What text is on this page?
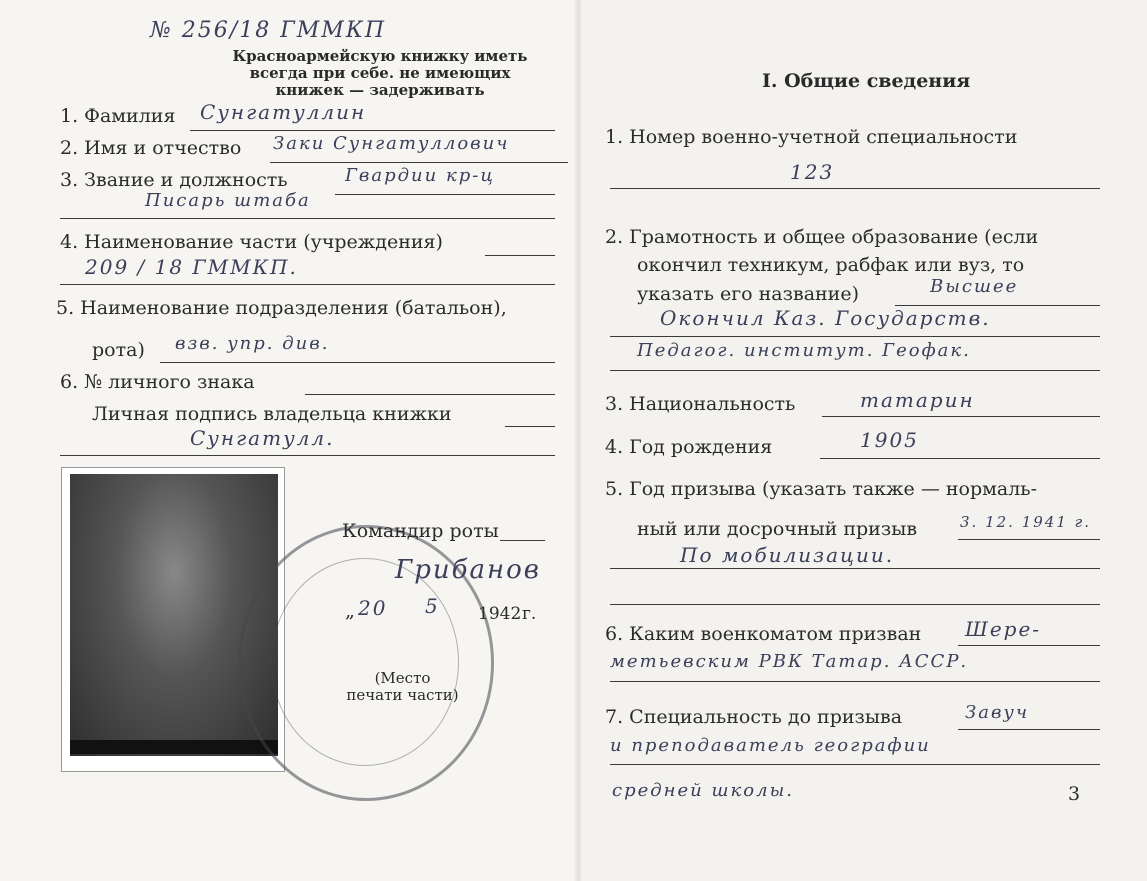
№ 256/18 ГММКП
Красноармейскую книжку иметь
всегда при себе. не имеющих
книжек — задерживать
1. Фамилия Сунгатуллин
2. Имя и отчество Заки Сунгатуллович
3. Звание и должность	Гвардии кр-ц
Писарь штаба
4. Наименование части (учреждения)
209 / 18 ГММКП.
5. Наименование подразделения (батальон),
рота) взв. упр. див.
6. № личного знака
Личная подпись владельца книжки
Сунгатулл.
Командир роты
Грибанов
„ 20 5 1942 г.
(Место
печати части)
I. Общие сведения
1. Номер военно-учетной специальности
123
2. Грамотность и общее образование (если
окончил техникум, рабфак или вуз, то
указать его название)	Высшее
Окончил Каз. Государств.
Педагог. институт. Геофак.
3. Национальность	татарин
4. Год рождения	1905
5. Год призыва (указать также — нормаль-
ный или досрочный призыв	3. 12. 1941 г.
По мобилизации.
6. Каким военкоматом призван Шере-
метьевским РВК Татар. АССР.
7. Специальность до призыва	Завуч
и преподаватель географии
средней школы.	3
